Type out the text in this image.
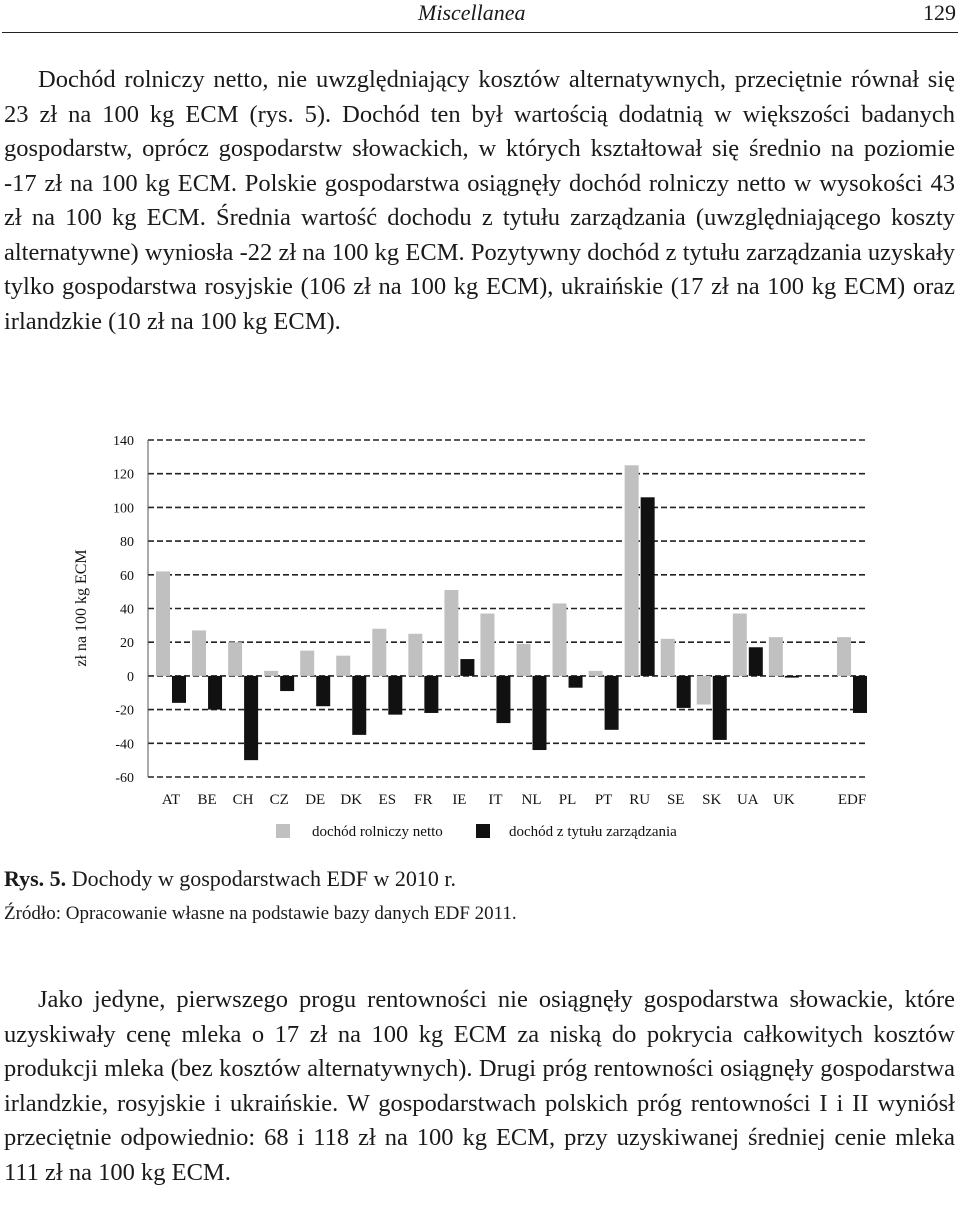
Miscellanea	129

Dochód rolniczy netto, nie uwzględniający kosztów alternatywnych, przeciętnie równał się 23 zł na 100 kg ECM (rys. 5). Dochód ten był wartością dodatnią w większości badanych gospodarstw, oprócz gospodarstw słowackich, w których kształtował się średnio na poziomie -17 zł na 100 kg ECM. Polskie gospodarstwa osiągnęły dochód rolniczy netto w wysokości 43 zł na 100 kg ECM. Średnia wartość dochodu z tytułu zarządzania (uwzględniającego koszty alternatywne) wyniosła -22 zł na 100 kg ECM. Pozytywny dochód z tytułu zarządzania uzyskały tylko gospodarstwa rosyjskie (106 zł na 100 kg ECM), ukraińskie (17 zł na 100 kg ECM) oraz irlandzkie (10 zł na 100 kg ECM).

140
120
100
80
60
40
20
0
-20
-40
-60
AT BE CH CZ DE DK ES FR IE IT NL PL PT RU SE SK UA UK	EDF
zł na 100 kg ECM
dochód rolniczy netto	dochód z tytułu zarządzania

Rys. 5. Dochody w gospodarstwach EDF w 2010 r.

Źródło: Opracowanie własne na podstawie bazy danych EDF 2011.

Jako jedyne, pierwszego progu rentowności nie osiągnęły gospodarstwa słowackie, które uzyskiwały cenę mleka o 17 zł na 100 kg ECM za niską do pokrycia całkowitych kosztów produkcji mleka (bez kosztów alternatywnych). Drugi próg rentowności osiągnęły gospodarstwa irlandzkie, rosyjskie i ukraińskie. W gospodarstwach polskich próg rentowności I i II wyniósł przeciętnie odpowiednio: 68 i 118 zł na 100 kg ECM, przy uzyskiwanej średniej cenie mleka 111 zł na 100 kg ECM.
